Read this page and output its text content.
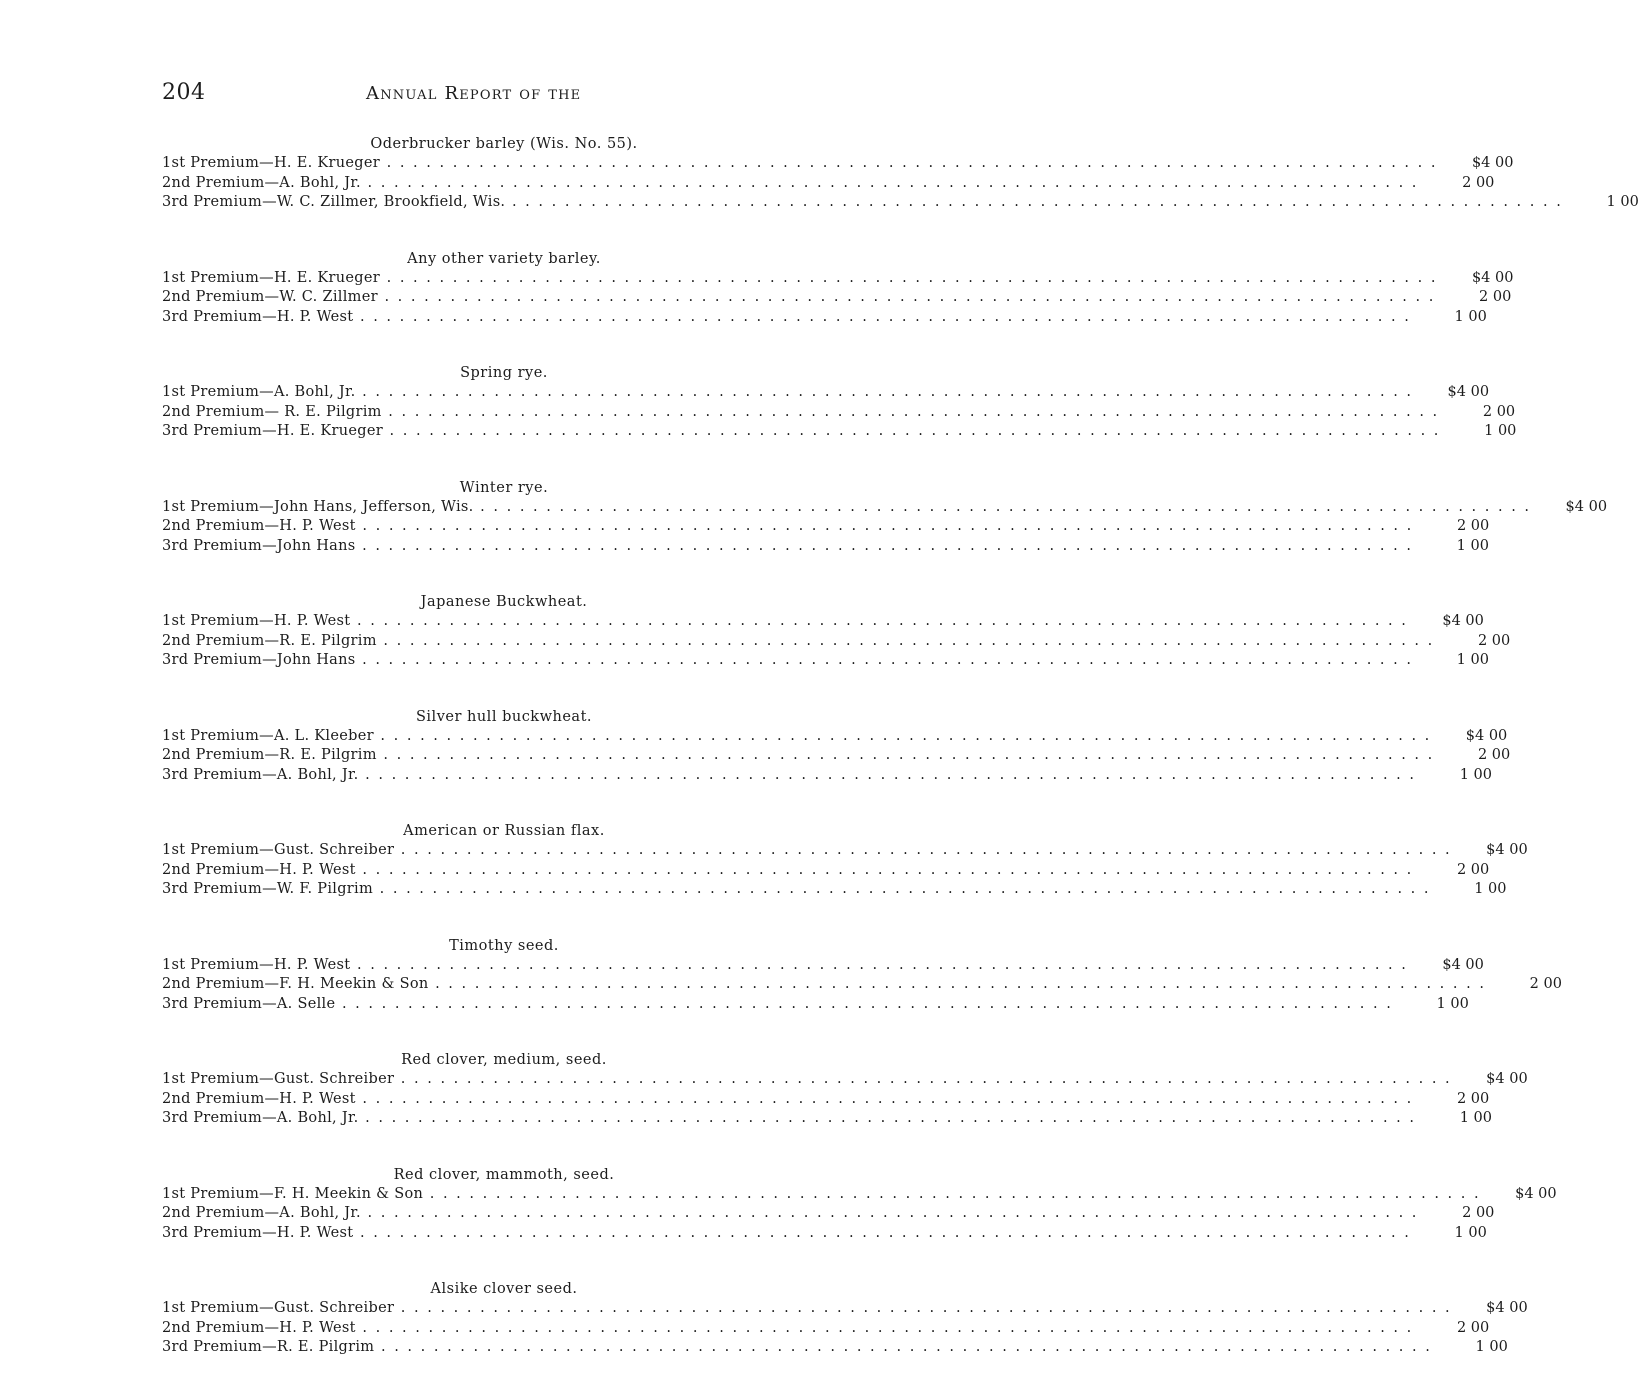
204	Annual Report of the
Oderbrucker barley (Wis. No. 55).
1st Premium—H. E. Krueger . . . . . . . . . . . . . . . . . . . . . . . . . . . . . . . . . . . . . . . . . . . . . . . . . . . . . . . . . . . . . . . . . . . . . . . . . . . . . . . .	$4 00
2nd Premium—A. Bohl, Jr. . . . . . . . . . . . . . . . . . . . . . . . . . . . . . . . . . . . . . . . . . . . . . . . . . . . . . . . . . . . . . . . . . . . . . . . . . . . . . . . .	2 00
3rd Premium—W. C. Zillmer, Brookfield, Wis. . . . . . . . . . . . . . . . . . . . . . . . . . . . . . . . . . . . . . . . . . . . . . . . . . . . . . . . . . . . . . . . . . . . . . . . . . . . . . . . .	1 00
Any other variety barley.
1st Premium—H. E. Krueger . . . . . . . . . . . . . . . . . . . . . . . . . . . . . . . . . . . . . . . . . . . . . . . . . . . . . . . . . . . . . . . . . . . . . . . . . . . . . . . .	$4 00
2nd Premium—W. C. Zillmer . . . . . . . . . . . . . . . . . . . . . . . . . . . . . . . . . . . . . . . . . . . . . . . . . . . . . . . . . . . . . . . . . . . . . . . . . . . . . . . .	2 00
3rd Premium—H. P. West . . . . . . . . . . . . . . . . . . . . . . . . . . . . . . . . . . . . . . . . . . . . . . . . . . . . . . . . . . . . . . . . . . . . . . . . . . . . . . . .	1 00
Spring rye.
1st Premium—A. Bohl, Jr. . . . . . . . . . . . . . . . . . . . . . . . . . . . . . . . . . . . . . . . . . . . . . . . . . . . . . . . . . . . . . . . . . . . . . . . . . . . . . . . .	$4 00
2nd Premium— R. E. Pilgrim . . . . . . . . . . . . . . . . . . . . . . . . . . . . . . . . . . . . . . . . . . . . . . . . . . . . . . . . . . . . . . . . . . . . . . . . . . . . . . . .	2 00
3rd Premium—H. E. Krueger . . . . . . . . . . . . . . . . . . . . . . . . . . . . . . . . . . . . . . . . . . . . . . . . . . . . . . . . . . . . . . . . . . . . . . . . . . . . . . . .	1 00
Winter rye.
1st Premium—John Hans, Jefferson, Wis. . . . . . . . . . . . . . . . . . . . . . . . . . . . . . . . . . . . . . . . . . . . . . . . . . . . . . . . . . . . . . . . . . . . . . . . . . . . . . . . .	$4 00
2nd Premium—H. P. West . . . . . . . . . . . . . . . . . . . . . . . . . . . . . . . . . . . . . . . . . . . . . . . . . . . . . . . . . . . . . . . . . . . . . . . . . . . . . . . .	2 00
3rd Premium—John Hans . . . . . . . . . . . . . . . . . . . . . . . . . . . . . . . . . . . . . . . . . . . . . . . . . . . . . . . . . . . . . . . . . . . . . . . . . . . . . . . .	1 00
Japanese Buckwheat.
1st Premium—H. P. West . . . . . . . . . . . . . . . . . . . . . . . . . . . . . . . . . . . . . . . . . . . . . . . . . . . . . . . . . . . . . . . . . . . . . . . . . . . . . . . .	$4 00
2nd Premium—R. E. Pilgrim . . . . . . . . . . . . . . . . . . . . . . . . . . . . . . . . . . . . . . . . . . . . . . . . . . . . . . . . . . . . . . . . . . . . . . . . . . . . . . . .	2 00
3rd Premium—John Hans . . . . . . . . . . . . . . . . . . . . . . . . . . . . . . . . . . . . . . . . . . . . . . . . . . . . . . . . . . . . . . . . . . . . . . . . . . . . . . . .	1 00
Silver hull buckwheat.
1st Premium—A. L. Kleeber . . . . . . . . . . . . . . . . . . . . . . . . . . . . . . . . . . . . . . . . . . . . . . . . . . . . . . . . . . . . . . . . . . . . . . . . . . . . . . . .	$4 00
2nd Premium—R. E. Pilgrim . . . . . . . . . . . . . . . . . . . . . . . . . . . . . . . . . . . . . . . . . . . . . . . . . . . . . . . . . . . . . . . . . . . . . . . . . . . . . . . .	2 00
3rd Premium—A. Bohl, Jr. . . . . . . . . . . . . . . . . . . . . . . . . . . . . . . . . . . . . . . . . . . . . . . . . . . . . . . . . . . . . . . . . . . . . . . . . . . . . . . . .	1 00
American or Russian flax.
1st Premium—Gust. Schreiber . . . . . . . . . . . . . . . . . . . . . . . . . . . . . . . . . . . . . . . . . . . . . . . . . . . . . . . . . . . . . . . . . . . . . . . . . . . . . . . .	$4 00
2nd Premium—H. P. West . . . . . . . . . . . . . . . . . . . . . . . . . . . . . . . . . . . . . . . . . . . . . . . . . . . . . . . . . . . . . . . . . . . . . . . . . . . . . . . .	2 00
3rd Premium—W. F. Pilgrim . . . . . . . . . . . . . . . . . . . . . . . . . . . . . . . . . . . . . . . . . . . . . . . . . . . . . . . . . . . . . . . . . . . . . . . . . . . . . . . .	1 00
Timothy seed.
1st Premium—H. P. West . . . . . . . . . . . . . . . . . . . . . . . . . . . . . . . . . . . . . . . . . . . . . . . . . . . . . . . . . . . . . . . . . . . . . . . . . . . . . . . .	$4 00
2nd Premium—F. H. Meekin & Son . . . . . . . . . . . . . . . . . . . . . . . . . . . . . . . . . . . . . . . . . . . . . . . . . . . . . . . . . . . . . . . . . . . . . . . . . . . . . . . .	2 00
3rd Premium—A. Selle . . . . . . . . . . . . . . . . . . . . . . . . . . . . . . . . . . . . . . . . . . . . . . . . . . . . . . . . . . . . . . . . . . . . . . . . . . . . . . . .	1 00
Red clover, medium, seed.
1st Premium—Gust. Schreiber . . . . . . . . . . . . . . . . . . . . . . . . . . . . . . . . . . . . . . . . . . . . . . . . . . . . . . . . . . . . . . . . . . . . . . . . . . . . . . . .	$4 00
2nd Premium—H. P. West . . . . . . . . . . . . . . . . . . . . . . . . . . . . . . . . . . . . . . . . . . . . . . . . . . . . . . . . . . . . . . . . . . . . . . . . . . . . . . . .	2 00
3rd Premium—A. Bohl, Jr. . . . . . . . . . . . . . . . . . . . . . . . . . . . . . . . . . . . . . . . . . . . . . . . . . . . . . . . . . . . . . . . . . . . . . . . . . . . . . . . .	1 00
Red clover, mammoth, seed.
1st Premium—F. H. Meekin & Son . . . . . . . . . . . . . . . . . . . . . . . . . . . . . . . . . . . . . . . . . . . . . . . . . . . . . . . . . . . . . . . . . . . . . . . . . . . . . . . .	$4 00
2nd Premium—A. Bohl, Jr. . . . . . . . . . . . . . . . . . . . . . . . . . . . . . . . . . . . . . . . . . . . . . . . . . . . . . . . . . . . . . . . . . . . . . . . . . . . . . . . .	2 00
3rd Premium—H. P. West . . . . . . . . . . . . . . . . . . . . . . . . . . . . . . . . . . . . . . . . . . . . . . . . . . . . . . . . . . . . . . . . . . . . . . . . . . . . . . . .	1 00
Alsike clover seed.
1st Premium—Gust. Schreiber . . . . . . . . . . . . . . . . . . . . . . . . . . . . . . . . . . . . . . . . . . . . . . . . . . . . . . . . . . . . . . . . . . . . . . . . . . . . . . . .	$4 00
2nd Premium—H. P. West . . . . . . . . . . . . . . . . . . . . . . . . . . . . . . . . . . . . . . . . . . . . . . . . . . . . . . . . . . . . . . . . . . . . . . . . . . . . . . . .	2 00
3rd Premium—R. E. Pilgrim . . . . . . . . . . . . . . . . . . . . . . . . . . . . . . . . . . . . . . . . . . . . . . . . . . . . . . . . . . . . . . . . . . . . . . . . . . . . . . . .	1 00
